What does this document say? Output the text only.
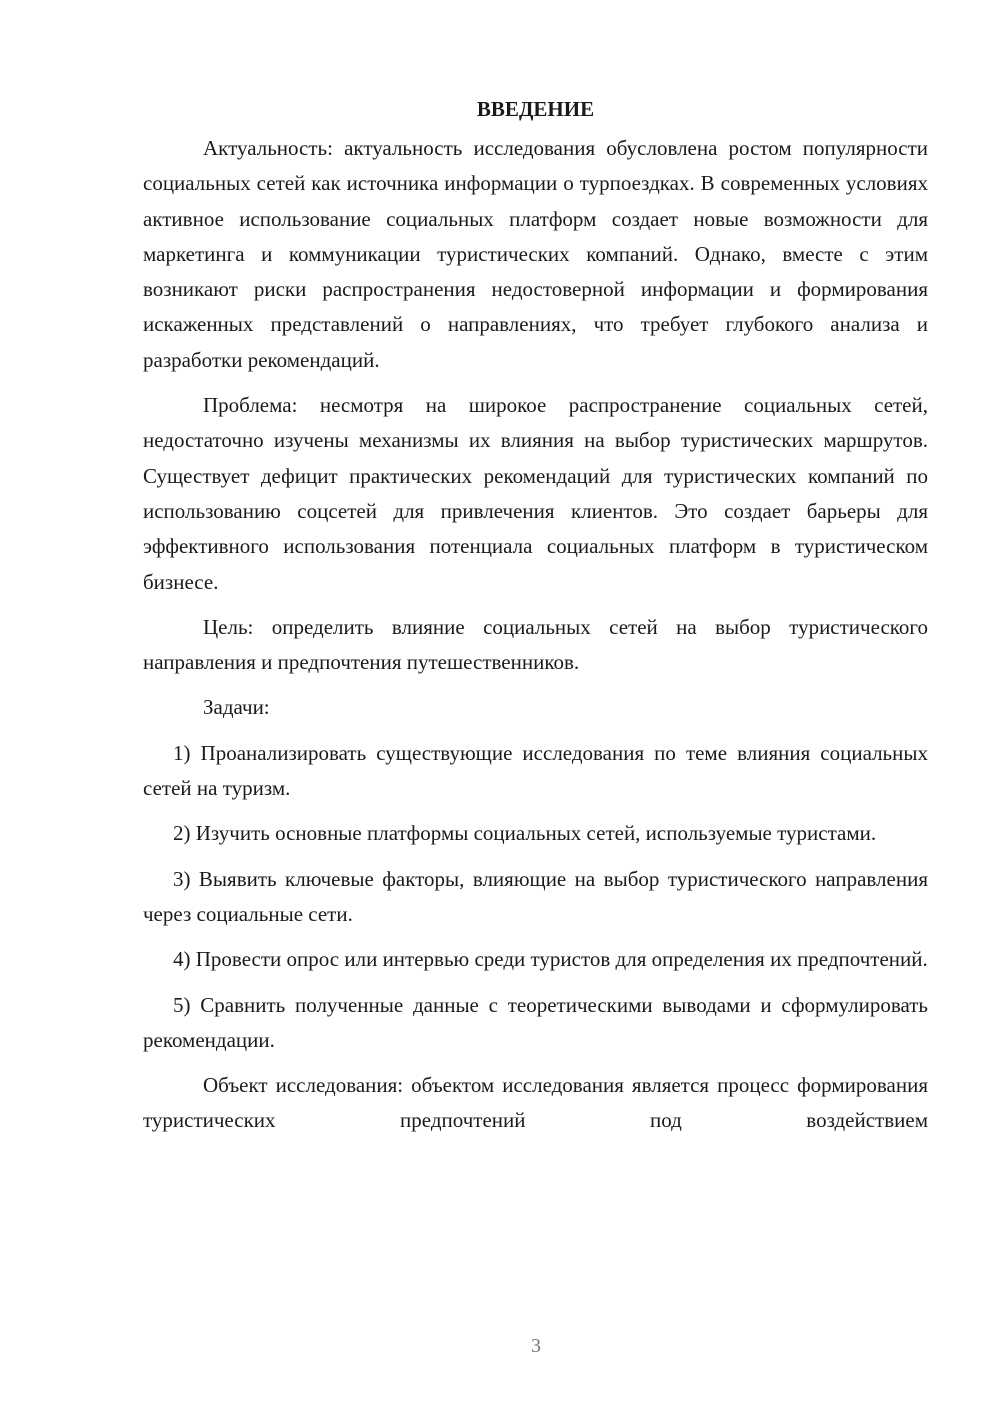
ВВЕДЕНИЕ

Актуальность: актуальность исследования обусловлена ростом популярности социальных сетей как источника информации о турпоездках. В современных условиях активное использование социальных платформ создает новые возможности для маркетинга и коммуникации туристических компаний. Однако, вместе с этим возникают риски распространения недостоверной информации и формирования искаженных представлений о направлениях, что требует глубокого анализа и разработки рекомендаций.

Проблема: несмотря на широкое распространение социальных сетей, недостаточно изучены механизмы их влияния на выбор туристических маршрутов. Существует дефицит практических рекомендаций для туристических компаний по использованию соцсетей для привлечения клиентов. Это создает барьеры для эффективного использования потенциала социальных платформ в туристическом бизнесе.

Цель: определить влияние социальных сетей на выбор туристического направления и предпочтения путешественников.

Задачи:

1) Проанализировать существующие исследования по теме влияния социальных сетей на туризм.

2) Изучить основные платформы социальных сетей, используемые туристами.

3) Выявить ключевые факторы, влияющие на выбор туристического направления через социальные сети.

4) Провести опрос или интервью среди туристов для определения их предпочтений.

5) Сравнить полученные данные с теоретическими выводами и сформулировать рекомендации.

Объект исследования: объектом исследования является процесс формирования туристических предпочтений под воздействием

3
